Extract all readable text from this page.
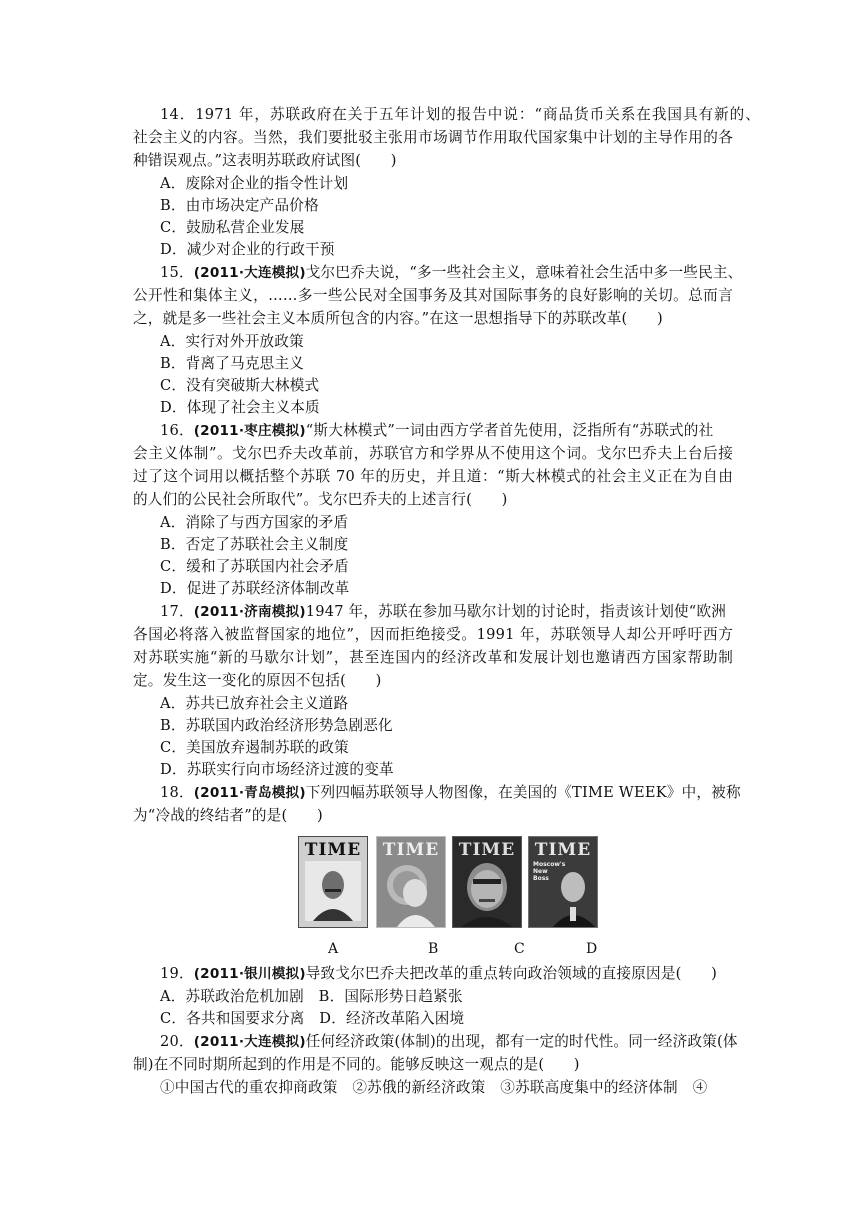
14．1971 年，苏联政府在关于五年计划的报告中说：“商品货币关系在我国具有新的、
社会主义的内容。当然，我们要批驳主张用市场调节作用取代国家集中计划的主导作用的各
种错误观点。”这表明苏联政府试图(　　)
A．废除对企业的指令性计划
B．由市场决定产品价格
C．鼓励私营企业发展
D．减少对企业的行政干预
15．(2011·大连模拟)戈尔巴乔夫说，“多一些社会主义，意味着社会生活中多一些民主、
公开性和集体主义，……多一些公民对全国事务及其对国际事务的良好影响的关切。总而言
之，就是多一些社会主义本质所包含的内容。”在这一思想指导下的苏联改革(　　)
A．实行对外开放政策
B．背离了马克思主义
C．没有突破斯大林模式
D．体现了社会主义本质
16．(2011·枣庄模拟)“斯大林模式”一词由西方学者首先使用，泛指所有“苏联式的社
会主义体制”。戈尔巴乔夫改革前，苏联官方和学界从不使用这个词。戈尔巴乔夫上台后接
过了这个词用以概括整个苏联 70 年的历史，并且道：“斯大林模式的社会主义正在为自由
的人们的公民社会所取代”。戈尔巴乔夫的上述言行(　　)
A．消除了与西方国家的矛盾
B．否定了苏联社会主义制度
C．缓和了苏联国内社会矛盾
D．促进了苏联经济体制改革
17．(2011·济南模拟)1947 年，苏联在参加马歇尔计划的讨论时，指责该计划使“欧洲
各国必将落入被监督国家的地位”，因而拒绝接受。1991 年，苏联领导人却公开呼吁西方
对苏联实施“新的马歇尔计划”，甚至连国内的经济改革和发展计划也邀请西方国家帮助制
定。发生这一变化的原因不包括(　　)
A．苏共已放弃社会主义道路
B．苏联国内政治经济形势急剧恶化
C．美国放弃遏制苏联的政策
D．苏联实行向市场经济过渡的变革
18．(2011·青岛模拟)下列四幅苏联领导人物图像，在美国的《TIME WEEK》中，被称
为“冷战的终结者”的是(　　)
TIME	TIME	TIME	TIME
Moscow's
New
Boss
A	B	C	D
19．(2011·银川模拟)导致戈尔巴乔夫把改革的重点转向政治领域的直接原因是(　　)
A．苏联政治危机加剧　B．国际形势日趋紧张
C．各共和国要求分离　D．经济改革陷入困境
20．(2011·大连模拟)任何经济政策(体制)的出现，都有一定的时代性。同一经济政策(体
制)在不同时期所起到的作用是不同的。能够反映这一观点的是(　　)
①中国古代的重农抑商政策　②苏俄的新经济政策　③苏联高度集中的经济体制　④
